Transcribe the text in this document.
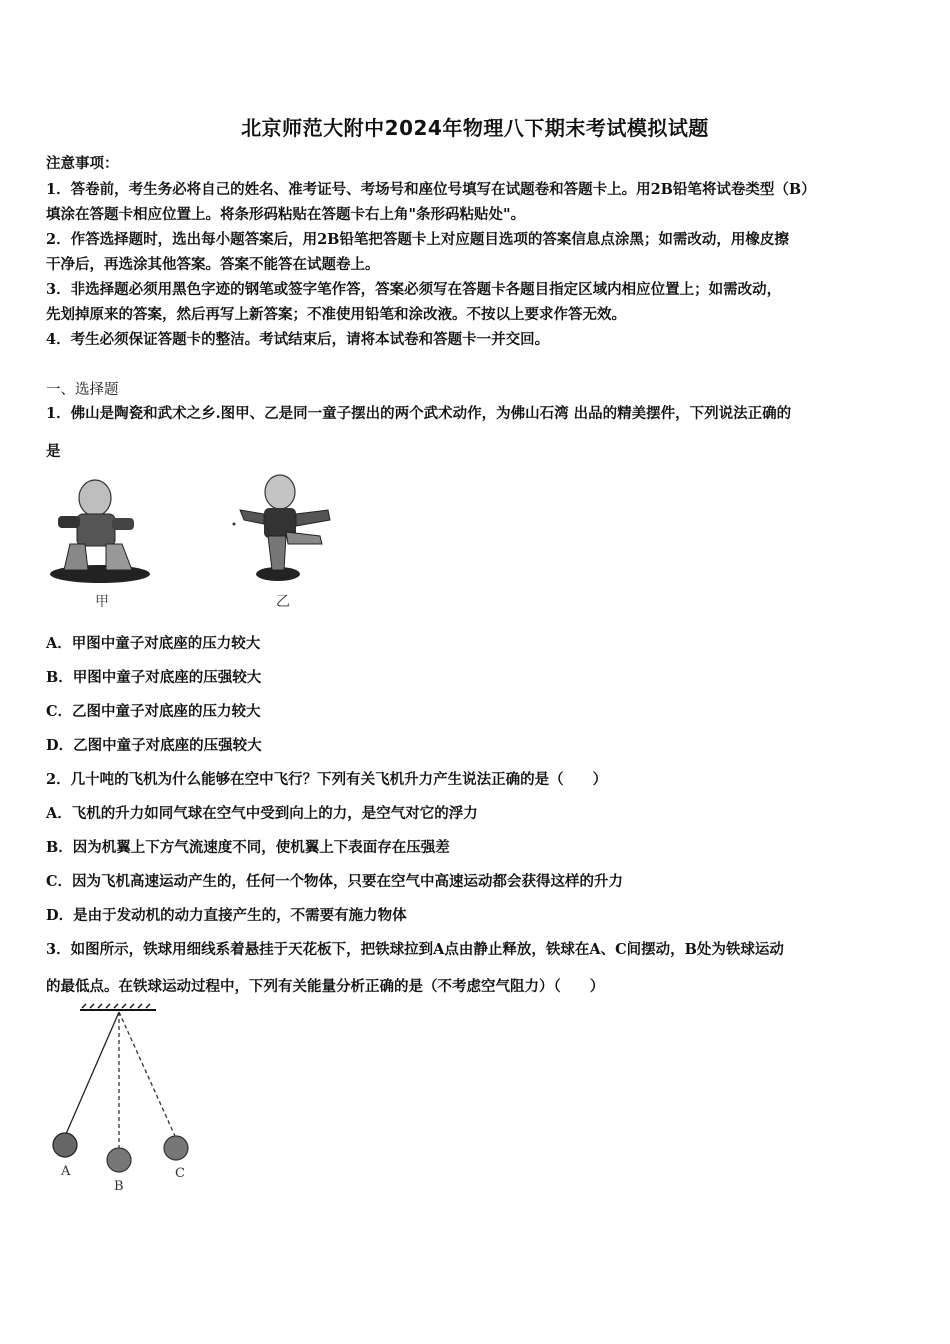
北京师范大附中2024年物理八下期末考试模拟试题
注意事项：
1．答卷前，考生务必将自己的姓名、准考证号、考场号和座位号填写在试题卷和答题卡上。用2B铅笔将试卷类型（B）
填涂在答题卡相应位置上。将条形码粘贴在答题卡右上角"条形码粘贴处"。
2．作答选择题时，选出每小题答案后，用2B铅笔把答题卡上对应题目选项的答案信息点涂黑；如需改动，用橡皮擦
干净后，再选涂其他答案。答案不能答在试题卷上。
3．非选择题必须用黑色字迹的钢笔或签字笔作答，答案必须写在答题卡各题目指定区域内相应位置上；如需改动，
先划掉原来的答案，然后再写上新答案；不准使用铅笔和涂改液。不按以上要求作答无效。
4．考生必须保证答题卡的整洁。考试结束后，请将本试卷和答题卡一并交回。
一、选择题
1．佛山是陶瓷和武术之乡.图甲、乙是同一童子摆出的两个武术动作，为佛山石湾 出品的精美摆件，下列说法正确的
是
甲	乙
A．甲图中童子对底座的压力较大
B．甲图中童子对底座的压强较大
C．乙图中童子对底座的压力较大
D．乙图中童子对底座的压强较大
2．几十吨的飞机为什么能够在空中飞行？下列有关飞机升力产生说法正确的是（　　）
A．飞机的升力如同气球在空气中受到向上的力，是空气对它的浮力
B．因为机翼上下方气流速度不同，使机翼上下表面存在压强差
C．因为飞机高速运动产生的，任何一个物体，只要在空气中高速运动都会获得这样的升力
D．是由于发动机的动力直接产生的，不需要有施力物体
3．如图所示，铁球用细线系着悬挂于天花板下，把铁球拉到A点由静止释放，铁球在A、C间摆动，B处为铁球运动
的最低点。在铁球运动过程中，下列有关能量分析正确的是（不考虑空气阻力）（　　）
A
B
C
